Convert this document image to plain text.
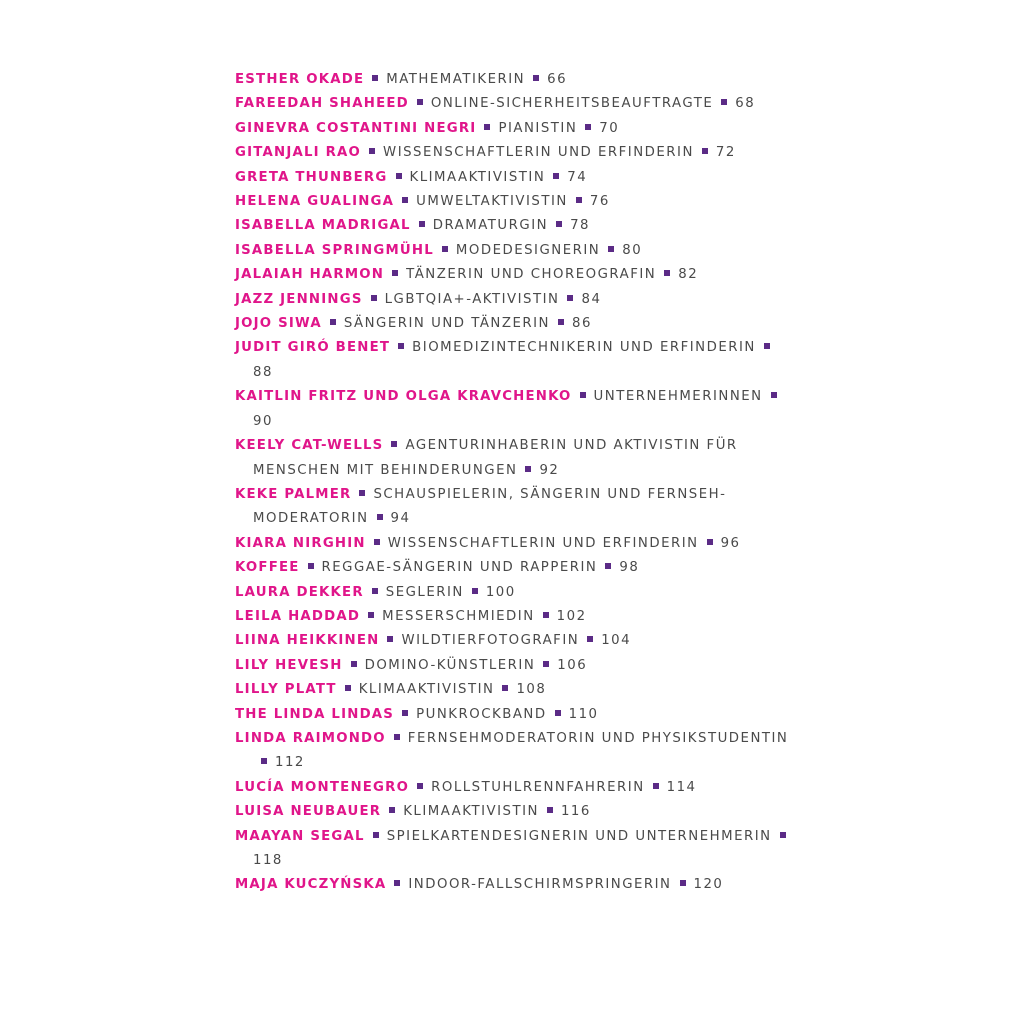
ESTHER OKADE MATHEMATIKERIN 66
FAREEDAH SHAHEED ONLINE-SICHERHEITSBEAUFTRAGTE 68
GINEVRA COSTANTINI NEGRI PIANISTIN 70
GITANJALI RAO WISSENSCHAFTLERIN UND ERFINDERIN 72
GRETA THUNBERG KLIMAAKTIVISTIN 74
HELENA GUALINGA UMWELTAKTIVISTIN 76
ISABELLA MADRIGAL DRAMATURGIN 78
ISABELLA SPRINGMÜHL MODEDESIGNERIN 80
JALAIAH HARMON TÄNZERIN UND CHOREOGRAFIN 82
JAZZ JENNINGS LGBTQIA+-AKTIVISTIN 84
JOJO SIWA SÄNGERIN UND TÄNZERIN 86
JUDIT GIRÓ BENET BIOMEDIZINTECHNIKERIN UND ERFINDERIN88
KAITLIN FRITZ UND OLGA KRAVCHENKO UNTERNEHMERINNEN90
KEELY CAT-WELLS AGENTURINHABERIN UND AKTIVISTIN FÜR MENSCHEN MIT BEHINDERUNGEN 92
KEKE PALMER SCHAUSPIELERIN, SÄNGERIN UND FERNSEHMODERATORIN 94
KIARA NIRGHIN WISSENSCHAFTLERIN UND ERFINDERIN 96
KOFFEE REGGAE-SÄNGERIN UND RAPPERIN 98
LAURA DEKKER SEGLERIN 100
LEILA HADDAD MESSERSCHMIEDIN 102
LIINA HEIKKINEN WILDTIERFOTOGRAFIN 104
LILY HEVESH DOMINO-KÜNSTLERIN 106
LILLY PLATT KLIMAAKTIVISTIN 108
THE LINDA LINDAS PUNKROCKBAND 110
LINDA RAIMONDO FERNSEHMODERATORIN UND PHYSIKSTUDENTIN112
LUCÍA MONTENEGRO ROLLSTUHLRENNFAHRERIN 114
LUISA NEUBAUER KLIMAAKTIVISTIN 116
MAAYAN SEGAL SPIELKARTENDESIGNERIN UND UNTERNEHMERIN118
MAJA KUCZYŃSKA INDOOR-FALLSCHIRMSPRINGERIN 120
